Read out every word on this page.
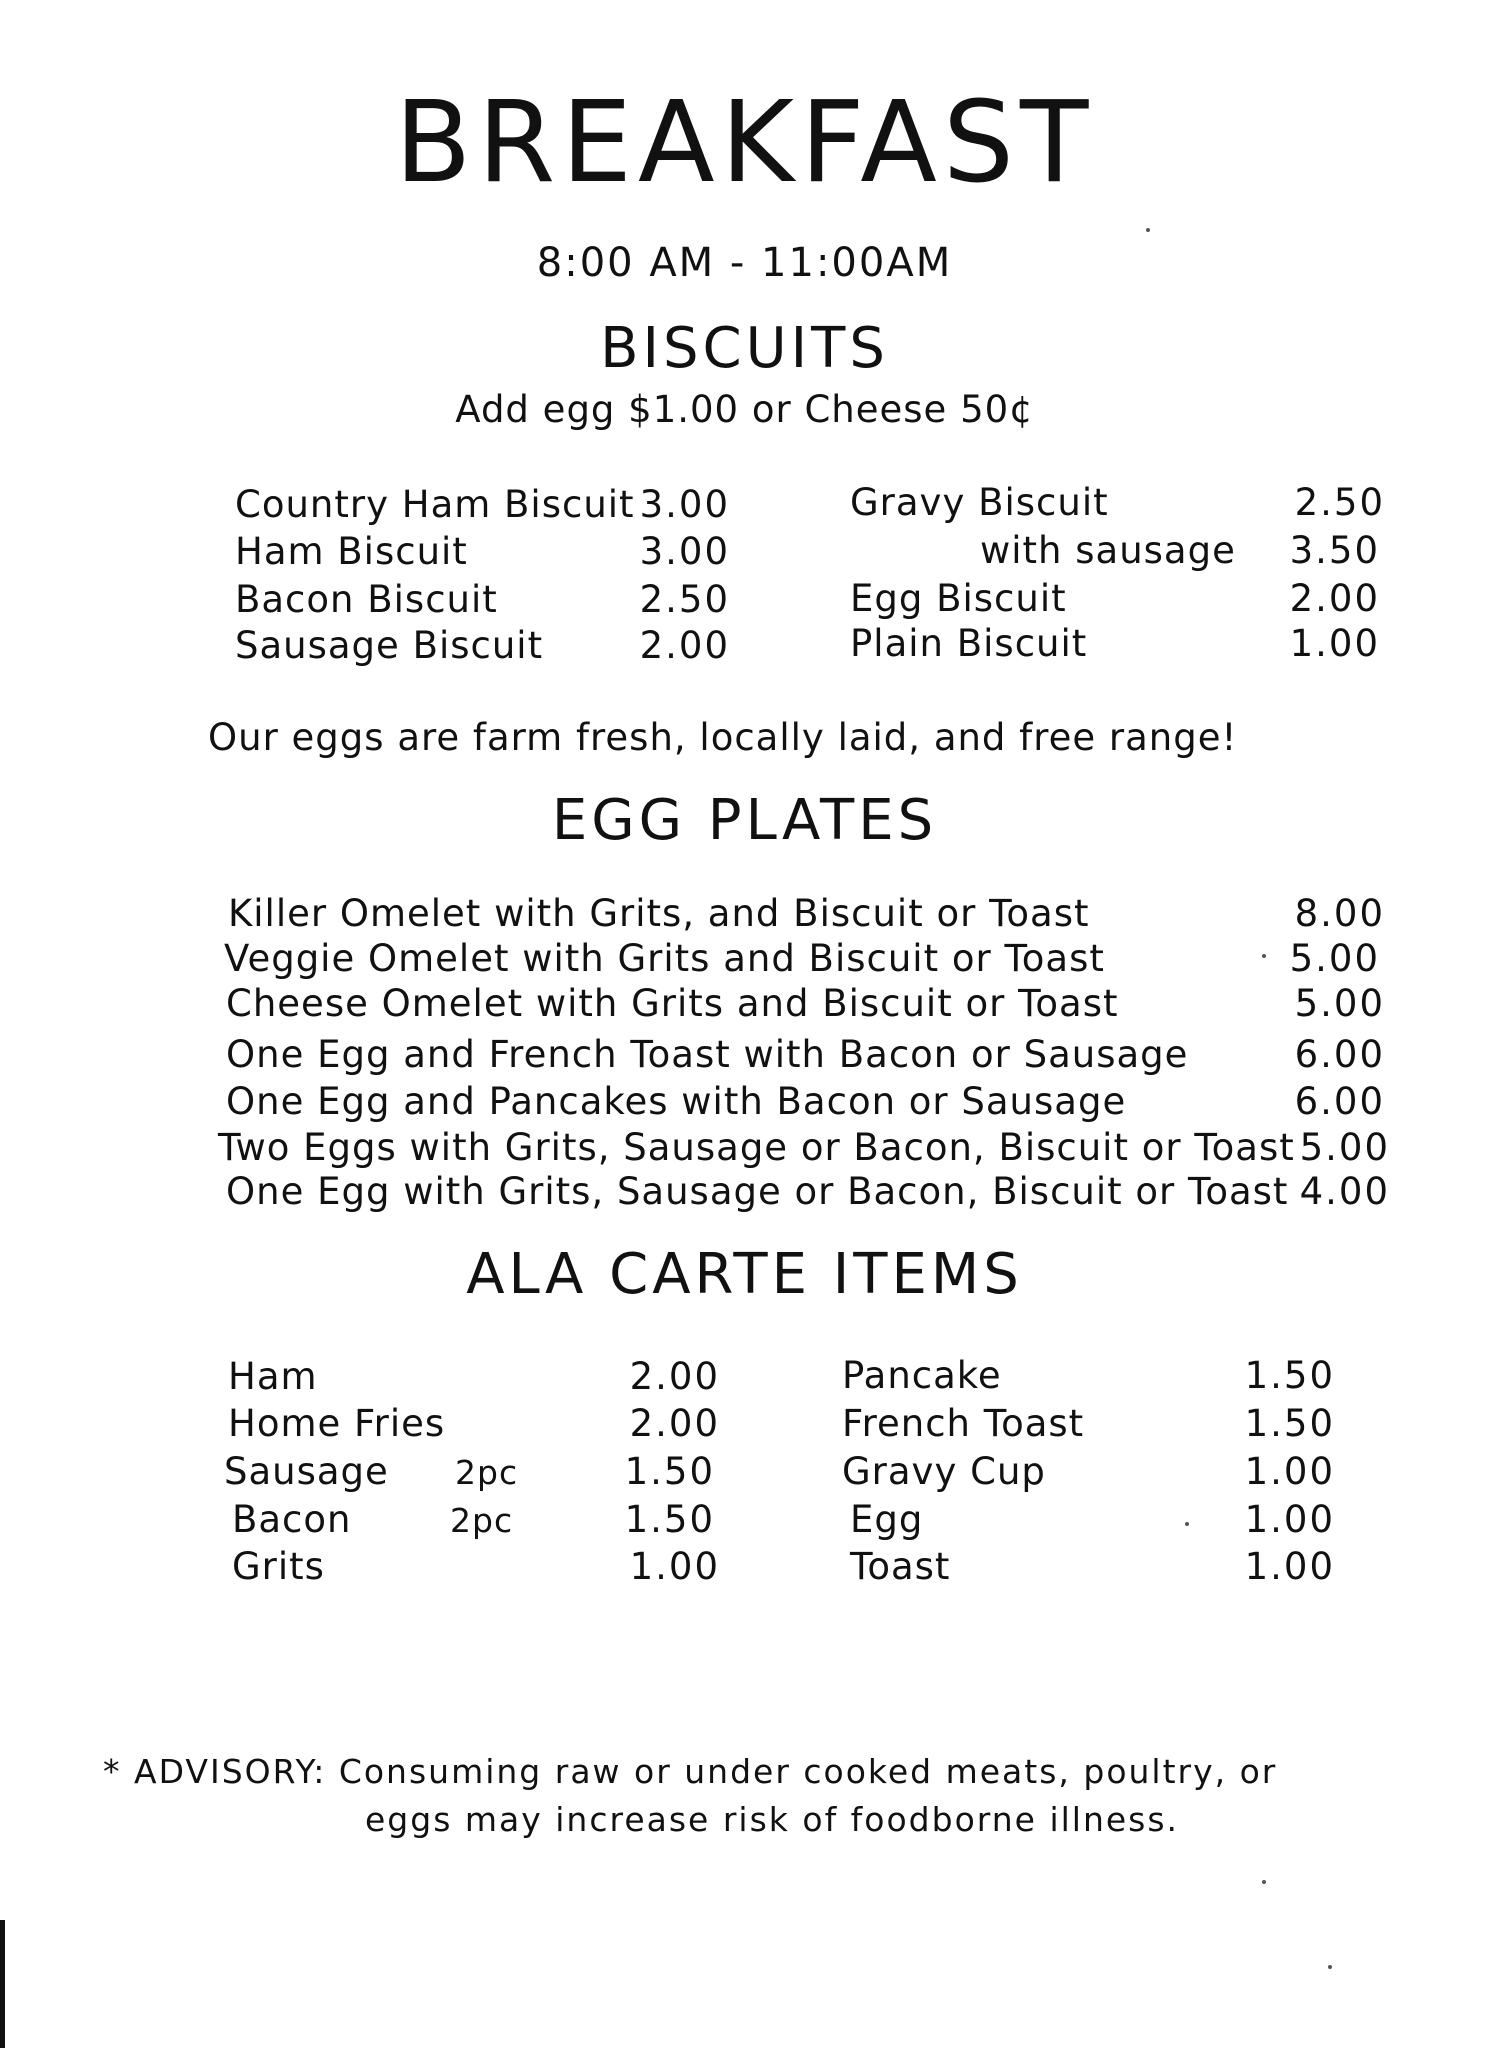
BREAKFAST
8:00 AM - 11:00AM
BISCUITS
Add egg $1.00 or Cheese 50¢
Country Ham Biscuit 3.00
Ham Biscuit	3.00
Bacon Biscuit	2.50
Sausage Biscuit	2.00
Gravy Biscuit	2.50
with sausage	3.50
Egg Biscuit	2.00
Plain Biscuit	1.00
Our eggs are farm fresh, locally laid, and free range!
EGG PLATES
Killer Omelet with Grits, and Biscuit or Toast	8.00
Veggie Omelet with Grits and Biscuit or Toast	5.00
Cheese Omelet with Grits and Biscuit or Toast	5.00
One Egg and French Toast with Bacon or Sausage	6.00
One Egg and Pancakes with Bacon or Sausage	6.00
Two Eggs with Grits, Sausage or Bacon, Biscuit or Toast 5.00
One Egg with Grits, Sausage or Bacon, Biscuit or Toast 4.00
ALA CARTE ITEMS
Ham	2.00
Home Fries	2.00
Sausage 2pc	1.50
Bacon	2pc	1.50
Grits	1.00
Pancake	1.50
French Toast	1.50
Gravy Cup	1.00
Egg	1.00
Toast	1.00
* ADVISORY: Consuming raw or under cooked meats, poultry, or
eggs may increase risk of foodborne illness.
